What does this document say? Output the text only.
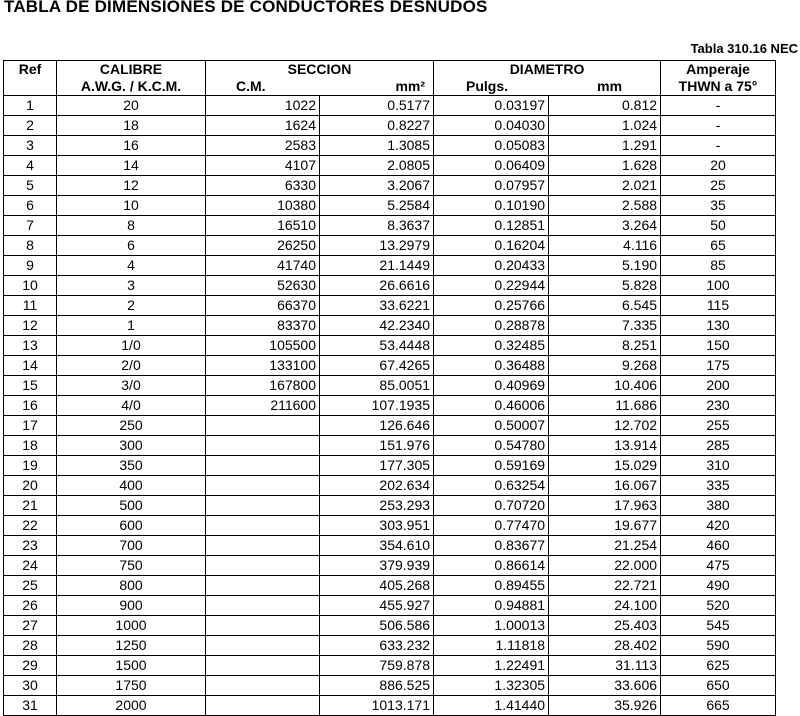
TABLA DE DIMENSIONES DE CONDUCTORES DESNUDOS
Tabla 310.16 NEC
Ref	CALIBRE	SECCION		DIAMETRO		Amperaje
	A.W.G. / K.C.M.	C.M. mm²		Pulgs. mm		THWN a 75°
1	20	1022	0.5177	0.03197	0.812	-
2	18	1624	0.8227	0.04030	1.024	-
3	16	2583	1.3085	0.05083	1.291	-
4	14	4107	2.0805	0.06409	1.628	20
5	12	6330	3.2067	0.07957	2.021	25
6	10	10380	5.2584	0.10190	2.588	35
7	8	16510	8.3637	0.12851	3.264	50
8	6	26250	13.2979	0.16204	4.116	65
9	4	41740	21.1449	0.20433	5.190	85
10	3	52630	26.6616	0.22944	5.828	100
11	2	66370	33.6221	0.25766	6.545	115
12	1	83370	42.2340	0.28878	7.335	130
13	1/0	105500	53.4448	0.32485	8.251	150
14	2/0	133100	67.4265	0.36488	9.268	175
15	3/0	167800	85.0051	0.40969	10.406	200
16	4/0	211600	107.1935	0.46006	11.686	230
17	250		126.646	0.50007	12.702	255
18	300		151.976	0.54780	13.914	285
19	350		177.305	0.59169	15.029	310
20	400		202.634	0.63254	16.067	335
21	500		253.293	0.70720	17.963	380
22	600		303.951	0.77470	19.677	420
23	700		354.610	0.83677	21.254	460
24	750		379.939	0.86614	22.000	475
25	800		405.268	0.89455	22.721	490
26	900		455.927	0.94881	24.100	520
27	1000		506.586	1.00013	25.403	545
28	1250		633.232	1.11818	28.402	590
29	1500		759.878	1.22491	31.113	625
30	1750		886.525	1.32305	33.606	650
31	2000		1013.171	1.41440	35.926	665
